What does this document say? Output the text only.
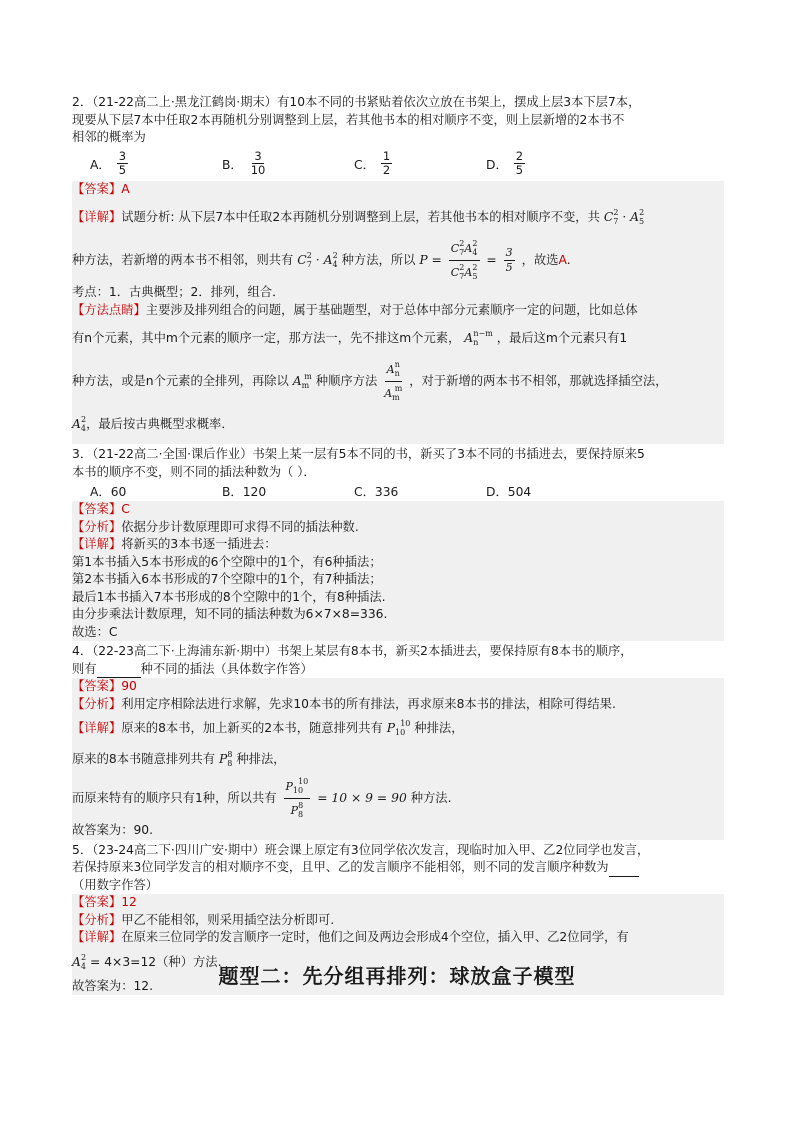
2．（21-22高二上·黑龙江鹤岗·期末）有10本不同的书紧贴着依次立放在书架上，摆成上层3本下层7本，
现要从下层7本中任取2本再随机分别调整到上层，若其他书本的相对顺序不变，则上层新增的2本书不
相邻的概率为
A． $\frac{3}{5}$	B． $\frac{3}{10}$	C． $\frac{1}{2}$	D． $\frac{2}{5}$
【答案】A
【详解】试题分析: 从下层7本中任取2本再随机分别调整到上层，若其他书本的相对顺序不变，共 $C_7^2 \cdot A_5^2$
种方法，若新增的两本书不相邻，则共有 $C_7^2 \cdot A_4^2$ 种方法，所以 $P = \frac{C_7^2A_4^2}{C_7^2A_5^2} = \frac{3}{5}$ ，故选A.
考点：1．古典概型；2．排列，组合．
【方法点睛】主要涉及排列组合的问题，属于基础题型，对于总体中部分元素顺序一定的问题，比如总体
有n个元素，其中m个元素的顺序一定，那方法一，先不排这m个元素， $A_n^{n-m}$ ，最后这m个元素只有1
种方法，或是n个元素的全排列，再除以 $A_m^m$ 种顺序方法 $\frac{A_n^n}{A_m^m}$ ，对于新增的两本书不相邻，那就选择插空法，
$A_4^2$，最后按古典概型求概率．
3．（21-22高二·全国·课后作业）书架上某一层有5本不同的书，新买了3本不同的书插进去，要保持原来5
本书的顺序不变，则不同的插法种数为（ ）．
A．60	B．120	C．336	D．504
【答案】C
【分析】依据分步计数原理即可求得不同的插法种数.
【详解】将新买的3本书逐一插进去：
第1本书插入5本书形成的6个空隙中的1个，有6种插法；
第2本书插入6本书形成的7个空隙中的1个，有7种插法；
最后1本书插入7本书形成的8个空隙中的1个，有8种插法.
由分步乘法计数原理，知不同的插法种数为6×7×8=336.
故选：C
4．（22-23高二下·上海浦东新·期中）书架上某层有8本书，新买2本插进去，要保持原有8本书的顺序，
则有	种不同的插法（具体数字作答）
【答案】90
【分析】利用定序相除法进行求解，先求10本书的所有排法，再求原来8本书的排法，相除可得结果.
【详解】原来的8本书，加上新买的2本书，随意排列共有 $P_{10}^{10}$ 种排法，
原来的8本书随意排列共有 $P_8^8$ 种排法，
而原来特有的顺序只有1种，所以共有 $\frac{P_{10}^{10}}{P_8^8} = 10 \times 9 = 90$ 种方法.
故答案为：90.
5．（23-24高二下·四川广安·期中）班会课上原定有3位同学依次发言，现临时加入甲、乙2位同学也发言，
若保持原来3位同学发言的相对顺序不变，且甲、乙的发言顺序不能相邻，则不同的发言顺序种数为
（用数字作答）
【答案】12
【分析】甲乙不能相邻，则采用插空法分析即可.
【详解】在原来三位同学的发言顺序一定时，他们之间及两边会形成4个空位，插入甲、乙2位同学，有
$A_4^2 = 4\times 3=12$（种）方法.
故答案为：12.	题型二：先分组再排列：球放盒子模型
